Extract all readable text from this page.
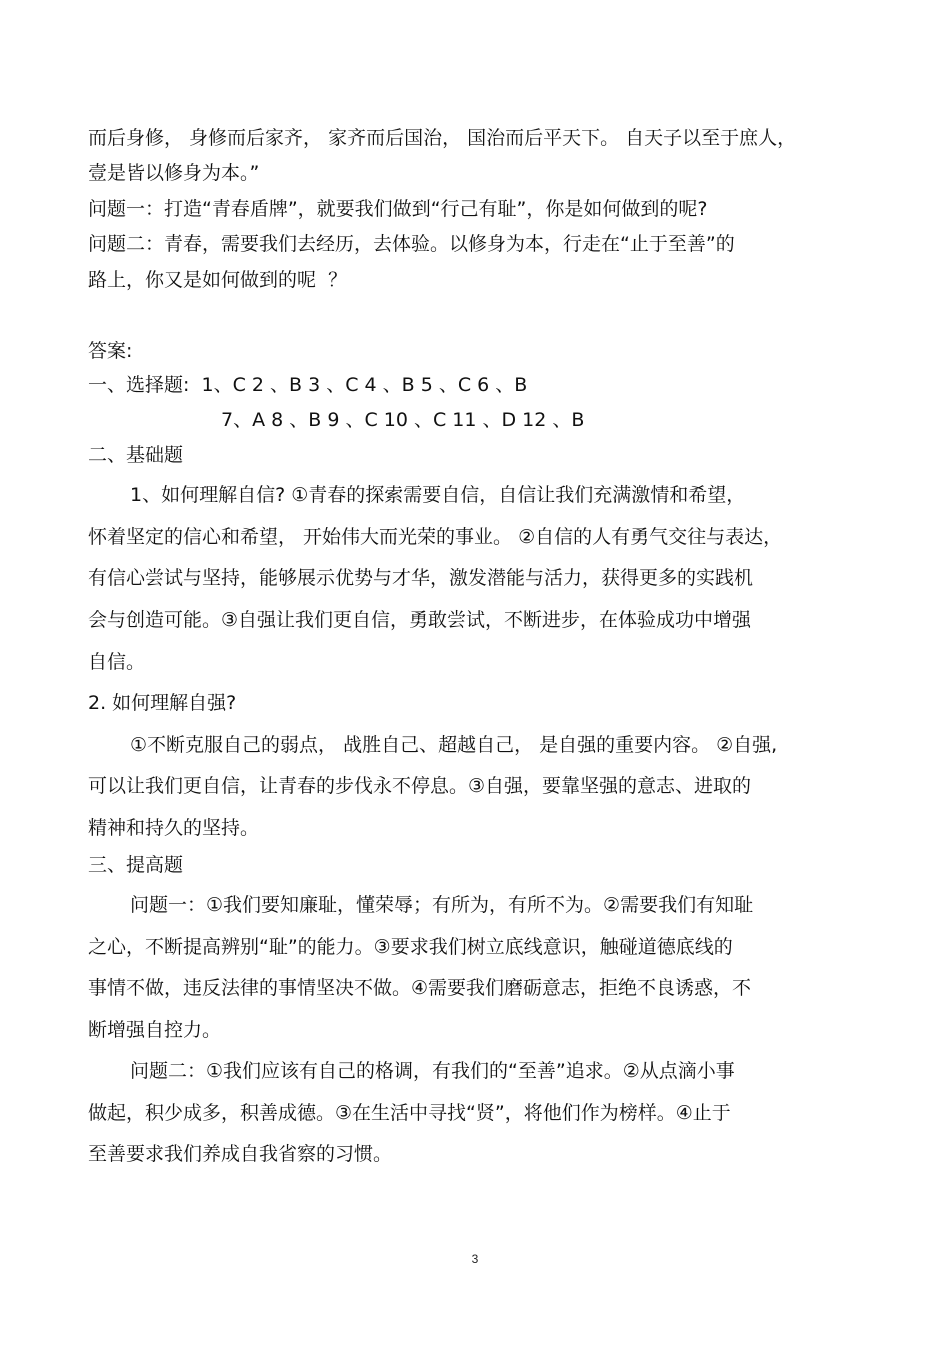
而后身修， 身修而后家齐， 家齐而后国治， 国治而后平天下。 自天子以至于庶人，
壹是皆以修身为本。”
问题一：打造“青春盾牌”，就要我们做到“行己有耻”，你是如何做到的呢?
问题二：青春，需要我们去经历，去体验。以修身为本，行走在“止于至善”的
路上，你又是如何做到的呢  ？
答案:
一、选择题:  1、C 2 、B 3 、C 4 、B 5 、C 6 、B
7、A 8 、B 9 、C 10 、C 11 、D 12 、B
二、基础题
1、如何理解自信? ①青春的探索需要自信，自信让我们充满激情和希望，
怀着坚定的信心和希望， 开始伟大而光荣的事业。 ②自信的人有勇气交往与表达，
有信心尝试与坚持，能够展示优势与才华，激发潜能与活力，获得更多的实践机
会与创造可能。③自强让我们更自信，勇敢尝试，不断进步，在体验成功中增强
自信。
2. 如何理解自强?
①不断克服自己的弱点， 战胜自己、超越自己， 是自强的重要内容。 ②自强,
可以让我们更自信，让青春的步伐永不停息。③自强，要靠坚强的意志、进取的
精神和持久的坚持。
三、提高题
问题一：①我们要知廉耻，懂荣辱；有所为，有所不为。②需要我们有知耻
之心，不断提高辨别“耻”的能力。③要求我们树立底线意识，触碰道德底线的
事情不做，违反法律的事情坚决不做。④需要我们磨砺意志，拒绝不良诱惑，不
断增强自控力。
问题二：①我们应该有自己的格调，有我们的“至善”追求。②从点滴小事
做起，积少成多，积善成德。③在生活中寻找“贤”，将他们作为榜样。④止于
至善要求我们养成自我省察的习惯。
3
